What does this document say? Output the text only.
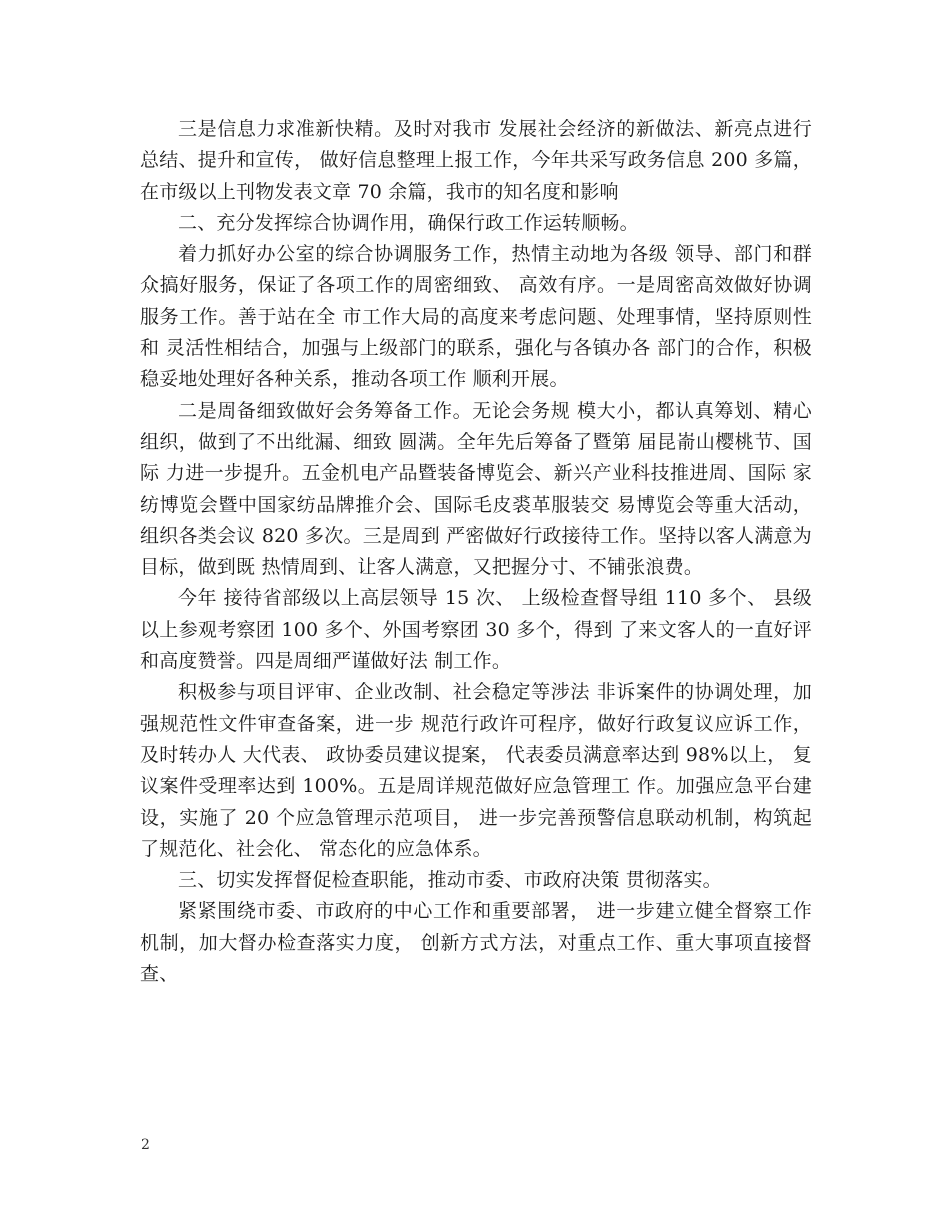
三是信息力求准新快精。及时对我市 发展社会经济的新做法、新亮点进行总结、提升和宣传， 做好信息整理上报工作，今年共采写政务信息 200 多篇， 在市级以上刊物发表文章 70 余篇，我市的知名度和影响

二、充分发挥综合协调作用，确保行政工作运转顺畅。

着力抓好办公室的综合协调服务工作，热情主动地为各级 领导、部门和群众搞好服务，保证了各项工作的周密细致、 高效有序。一是周密高效做好协调服务工作。善于站在全 市工作大局的高度来考虑问题、处理事情，坚持原则性和 灵活性相结合，加强与上级部门的联系，强化与各镇办各 部门的合作，积极稳妥地处理好各种关系，推动各项工作 顺利开展。

二是周备细致做好会务筹备工作。无论会务规 模大小，都认真筹划、精心组织，做到了不出纰漏、细致 圆满。全年先后筹备了暨第 届昆嵛山樱桃节、国际 力进一步提升。五金机电产品暨装备博览会、新兴产业科技推进周、国际 家纺博览会暨中国家纺品牌推介会、国际毛皮裘革服装交 易博览会等重大活动，组织各类会议 820 多次。三是周到 严密做好行政接待工作。坚持以客人满意为目标，做到既 热情周到、让客人满意，又把握分寸、不铺张浪费。

今年 接待省部级以上高层领导 15 次、 上级检查督导组 110 多个、 县级以上参观考察团 100 多个、外国考察团 30 多个，得到 了来文客人的一直好评和高度赞誉。四是周细严谨做好法 制工作。

积极参与项目评审、企业改制、社会稳定等涉法 非诉案件的协调处理，加强规范性文件审查备案，进一步 规范行政许可程序，做好行政复议应诉工作，及时转办人 大代表、 政协委员建议提案， 代表委员满意率达到 98%以上， 复议案件受理率达到 100%。五是周详规范做好应急管理工 作。加强应急平台建设，实施了 20 个应急管理示范项目， 进一步完善预警信息联动机制，构筑起了规范化、社会化、 常态化的应急体系。

三、切实发挥督促检查职能，推动市委、市政府决策 贯彻落实。

紧紧围绕市委、市政府的中心工作和重要部署， 进一步建立健全督察工作机制，加大督办检查落实力度， 创新方式方法，对重点工作、重大事项直接督查、

2
